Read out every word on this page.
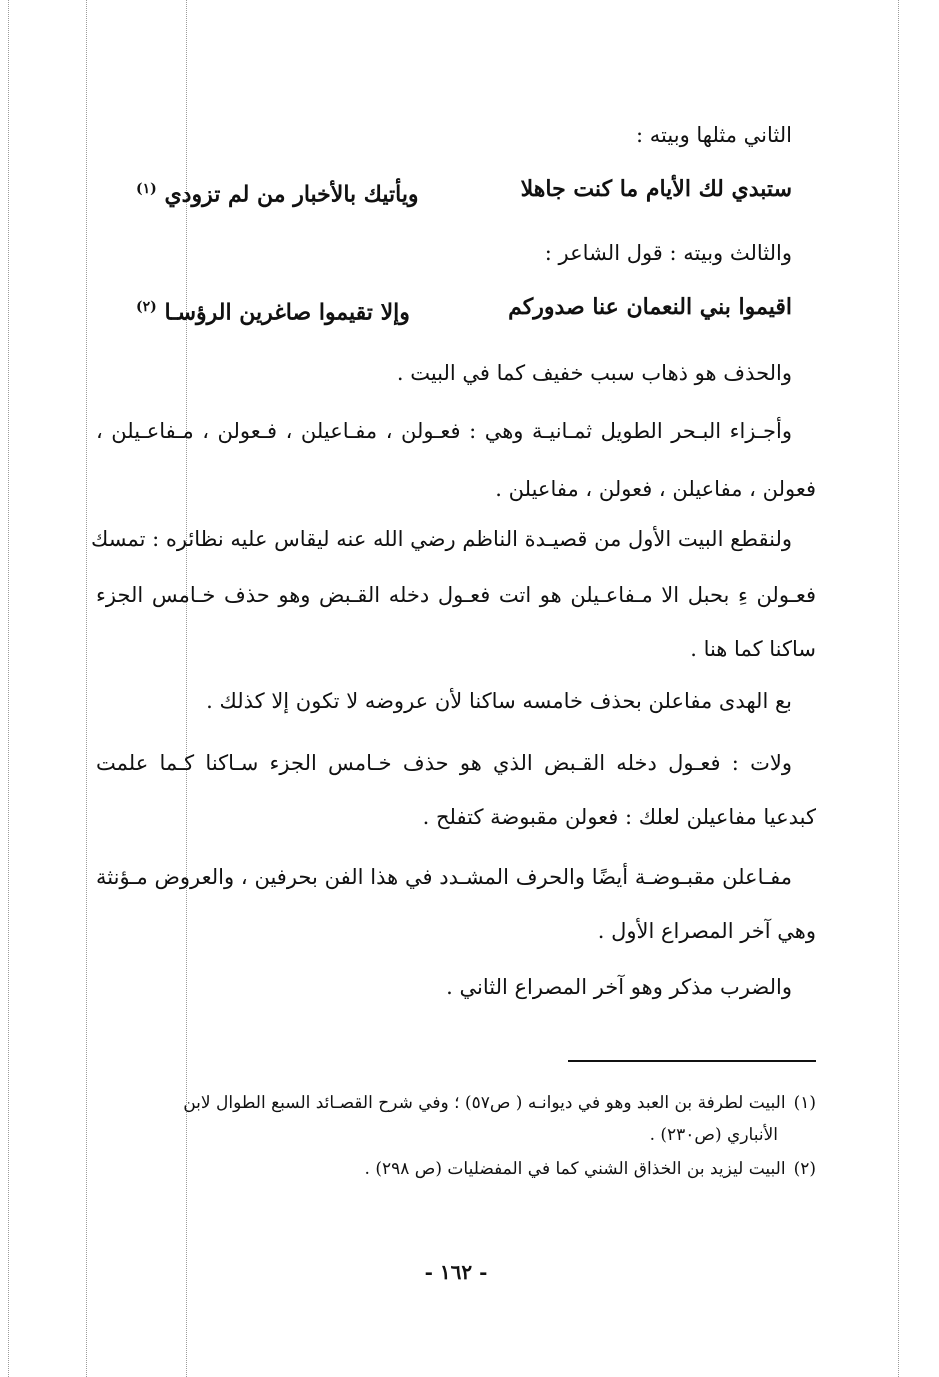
الثاني مثلها وبيته :
ستبدي لك الأيام ما كنت جاهلا
ويأتيك بالأخبار من لم تزودي $^{(١)}$
والثالث وبيته : قول الشاعر :
اقيموا بني النعمان عنا صدوركم
وإلا تقيموا صاغرين الرؤسـا $^{(٢)}$
والحذف هو ذهاب سبب خفيف كما في البيت .
وأجـزاء البـحر الطويل ثمـانيـة وهي : فعـولن ، مفـاعيلن ، فـعولن ، مـفاعـيلن ،
فعولن ، مفاعيلن ، فعولن ، مفاعيلن .
ولنقطع البيت الأول من قصيـدة الناظم رضي الله عنه ليقاس عليه نظائره : تمسك
فعـولن ءِ بحبل الا مـفاعـيلن هو اتت فعـول دخله القـبض وهو حذف خـامس الجزء
ساكنا كما هنا .
بع الهدى مفاعلن بحذف خامسه ساكنا لأن عروضه لا تكون إلا كذلك .
ولات : فعـول دخله القـبض الذي هو حذف خـامس الجزء سـاكنا كـما علمت
كبدعيا مفاعيلن لعلك : فعولن مقبوضة كتفلح .
مفـاعلن مقبـوضـة أيضًا والحرف المشـدد في هذا الفن بحرفين ، والعروض مـؤنثة
وهي آخر المصراع الأول .
والضرب مذكر وهو آخر المصراع الثاني .
(١)البيت لطرفة بن العبد وهو في ديوانـه ( ص٥٧) ؛ وفي شرح القصـائد السبع الطوال لابن
الأنباري (ص٢٣٠) .
(٢)البيت ليزيد بن الخذاق الشني كما في المفضليات (ص ٢٩٨) .
- ١٦٢ -
